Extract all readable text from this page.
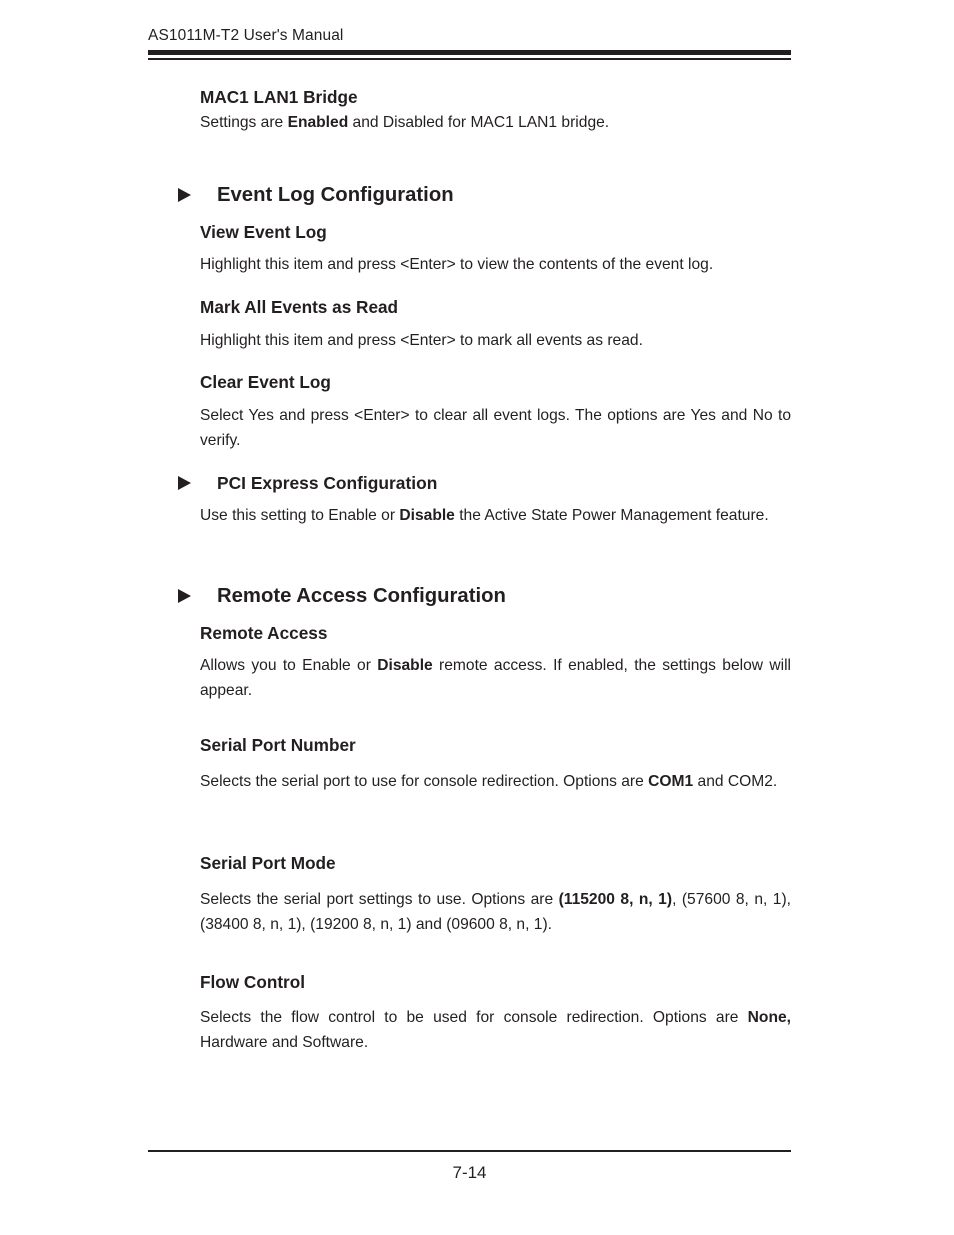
AS1011M-T2 User's Manual
MAC1 LAN1 Bridge

Settings are Enabled and Disabled for MAC1 LAN1 bridge.

Event Log Configuration
View Event Log

Highlight this item and press <Enter> to view the contents of the event log.

Mark All Events as Read

Highlight this item and press <Enter> to mark all events as read.

Clear Event Log

Select Yes and press <Enter> to clear all event logs. The options are Yes and No to verify.

PCI Express Configuration

Use this setting to Enable or Disable the Active State Power Management feature.

Remote Access Configuration
Remote Access

Allows you to Enable or Disable remote access. If enabled, the settings below will appear.

Serial Port Number

Selects the serial port to use for console redirection. Options are COM1 and COM2.

Serial Port Mode

Selects the serial port settings to use. Options are (115200 8, n, 1), (57600 8, n, 1), (38400 8, n, 1), (19200 8, n, 1) and (09600 8, n, 1).

Flow Control

Selects the flow control to be used for console redirection. Options are None, Hardware and Software.

7-14
